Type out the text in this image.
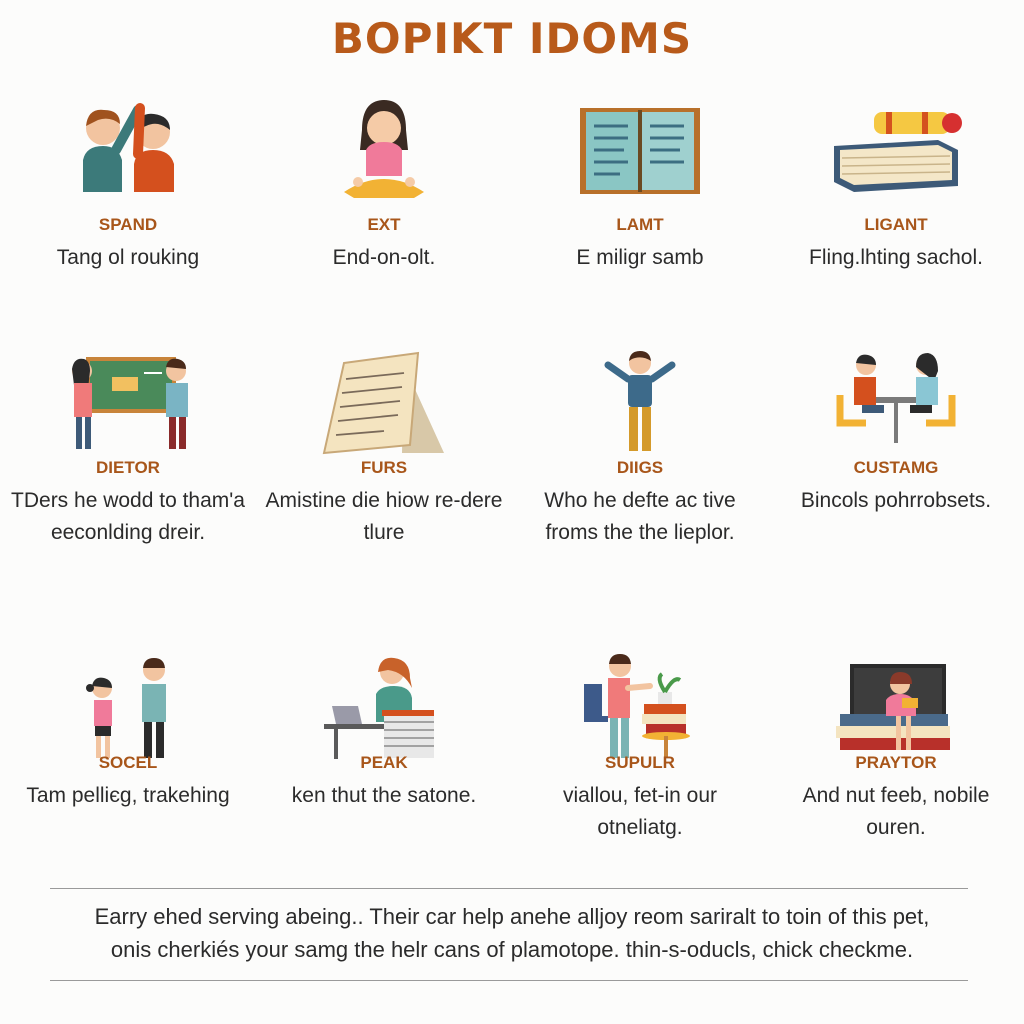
BOPIKT IDOMS
SPAND
Tang ol rouking
EXT
End-on-olt.
LAMT
E miligr samb
LIGANT
Fling.lhting sachol.
DIETOR
TDers he wodd to tham'a eeconlding dreir.
FURS
Amistine die hiow re-dere tlure
DIIGS
Who he defte ac tive froms the the lieplor.
CUSTAMG
Bincols pohrrobsets.
SOCEL
Tam pelliєg, trakehing
PEAK
ken thut the satone.
SUPULR
viallou, fet-in our otneliatg.
PRAYTOR
And nut feeb, nobile ouren.
Earry ehed serving abeing.. Their car help anehe alljoy reom sariralt to toin of this pet,
onis cherkiés your samg the helr cans of plamotope. thin-s-oducls, chick checkme.
